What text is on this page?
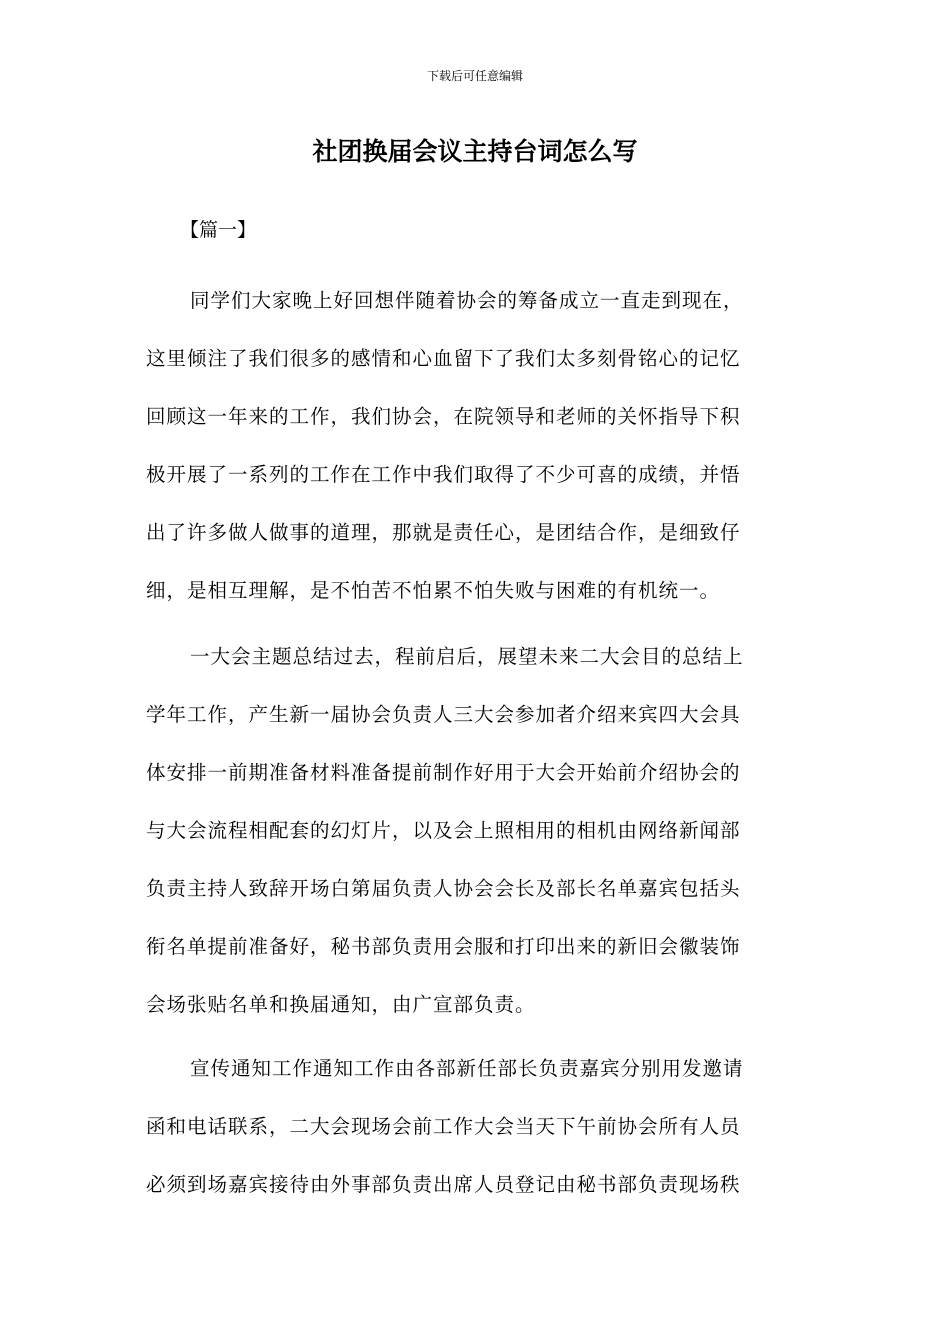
下载后可任意编辑
社团换届会议主持台词怎么写
【篇一】
同学们大家晚上好回想伴随着协会的筹备成立一直走到现在，
这里倾注了我们很多的感情和心血留下了我们太多刻骨铭心的记忆
回顾这一年来的工作，我们协会，在院领导和老师的关怀指导下积
极开展了一系列的工作在工作中我们取得了不少可喜的成绩，并悟
出了许多做人做事的道理，那就是责任心，是团结合作，是细致仔
细，是相互理解，是不怕苦不怕累不怕失败与困难的有机统一。
一大会主题总结过去，程前启后，展望未来二大会目的总结上
学年工作，产生新一届协会负责人三大会参加者介绍来宾四大会具
体安排一前期准备材料准备提前制作好用于大会开始前介绍协会的
与大会流程相配套的幻灯片，以及会上照相用的相机由网络新闻部
负责主持人致辞开场白第届负责人协会会长及部长名单嘉宾包括头
衔名单提前准备好，秘书部负责用会服和打印出来的新旧会徽装饰
会场张贴名单和换届通知，由广宣部负责。
宣传通知工作通知工作由各部新任部长负责嘉宾分别用发邀请
函和电话联系，二大会现场会前工作大会当天下午前协会所有人员
必须到场嘉宾接待由外事部负责出席人员登记由秘书部负责现场秩
